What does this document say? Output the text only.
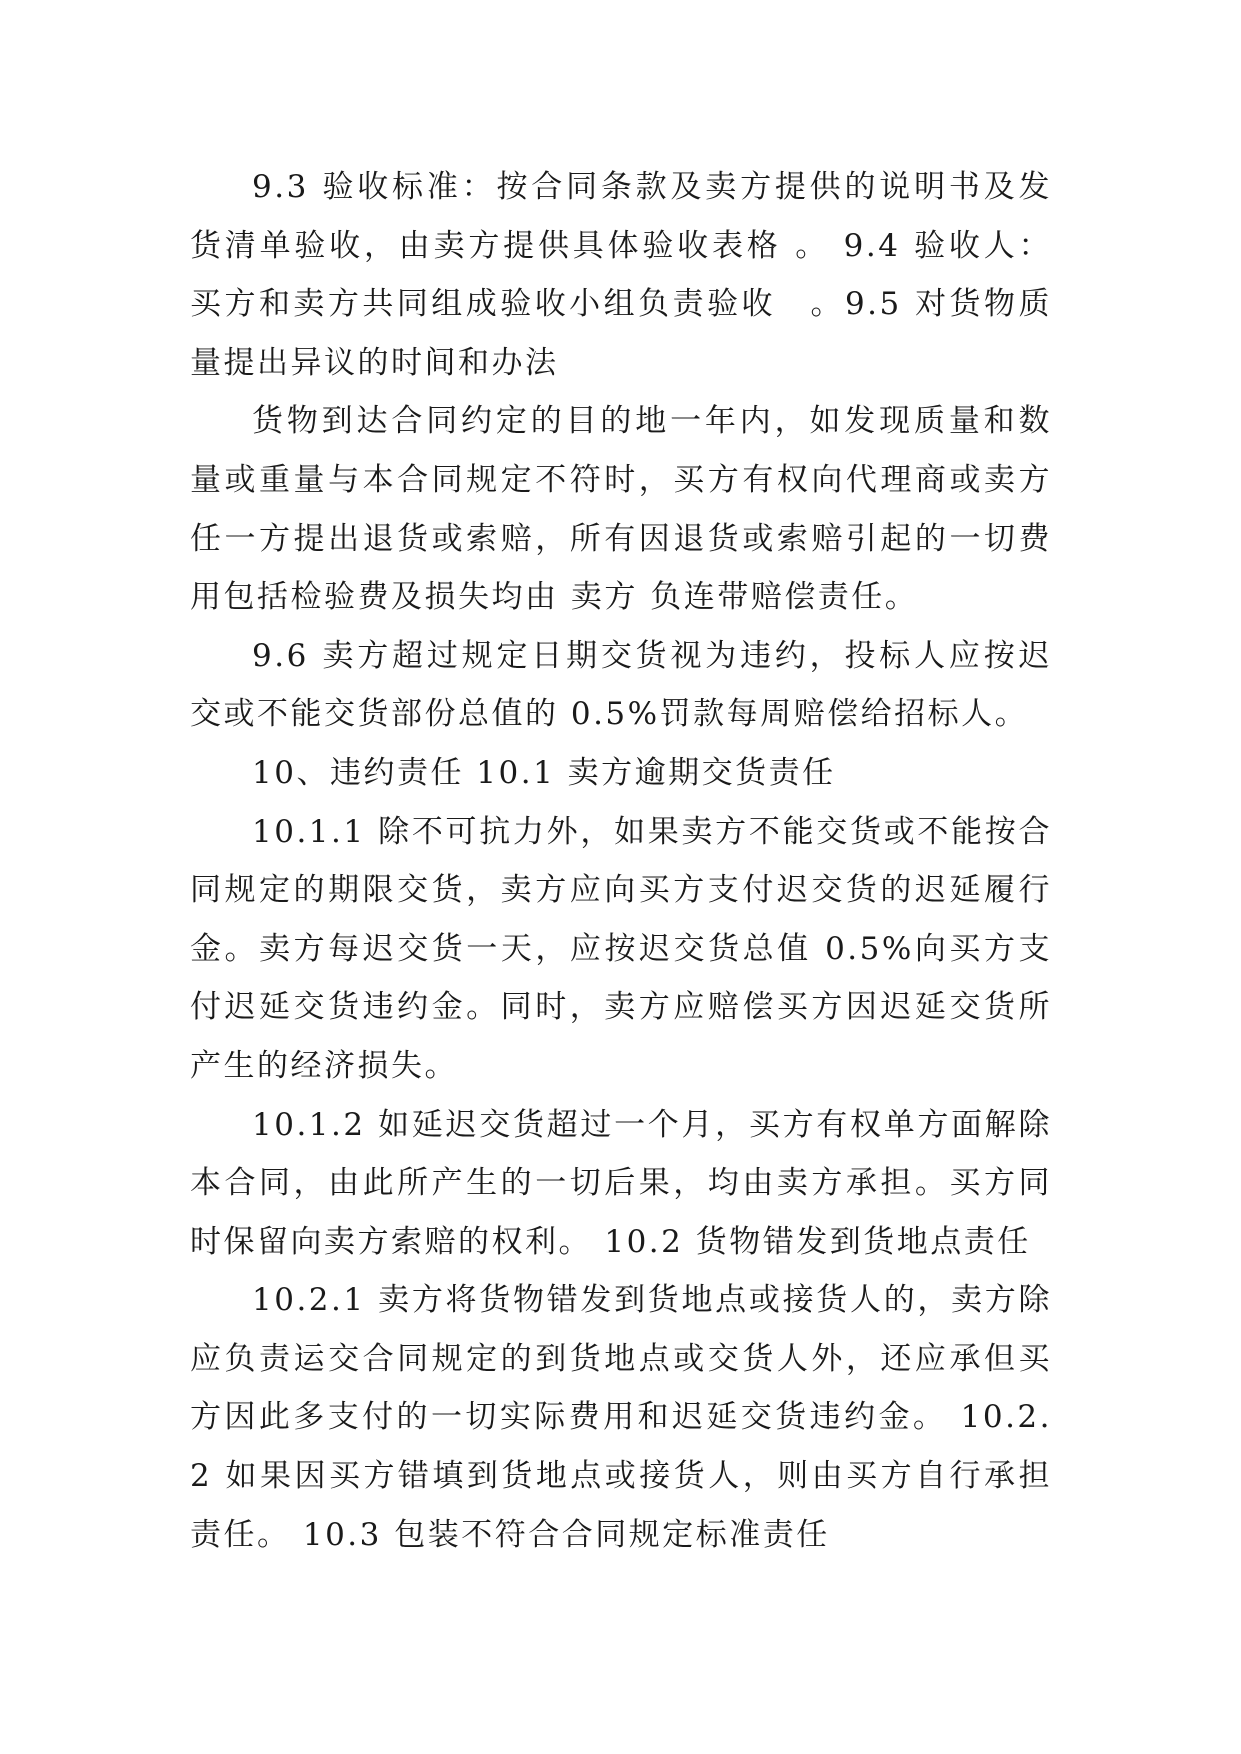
9.3 验收标准：按合同条款及卖方提供的说明书及发货清单验收，由卖方提供具体验收表格 。 9.4 验收人：买方和卖方共同组成验收小组负责验收　。9.5 对货物质量提出异议的时间和办法

货物到达合同约定的目的地一年内，如发现质量和数量或重量与本合同规定不符时，买方有权向代理商或卖方任一方提出退货或索赔，所有因退货或索赔引起的一切费用包括检验费及损失均由 卖方 负连带赔偿责任。

9.6 卖方超过规定日期交货视为违约，投标人应按迟交或不能交货部份总值的 0.5%罚款每周赔偿给招标人。

10、违约责任 10.1 卖方逾期交货责任

10.1.1 除不可抗力外，如果卖方不能交货或不能按合同规定的期限交货，卖方应向买方支付迟交货的迟延履行金。卖方每迟交货一天，应按迟交货总值 0.5%向买方支付迟延交货违约金。同时，卖方应赔偿买方因迟延交货所产生的经济损失。

10.1.2 如延迟交货超过一个月，买方有权单方面解除本合同，由此所产生的一切后果，均由卖方承担。买方同时保留向卖方索赔的权利。 10.2 货物错发到货地点责任

10.2.1 卖方将货物错发到货地点或接货人的，卖方除应负责运交合同规定的到货地点或交货人外，还应承但买方因此多支付的一切实际费用和迟延交货违约金。 10.2.2 如果因买方错填到货地点或接货人，则由买方自行承担责任。 10.3 包装不符合合同规定标准责任
